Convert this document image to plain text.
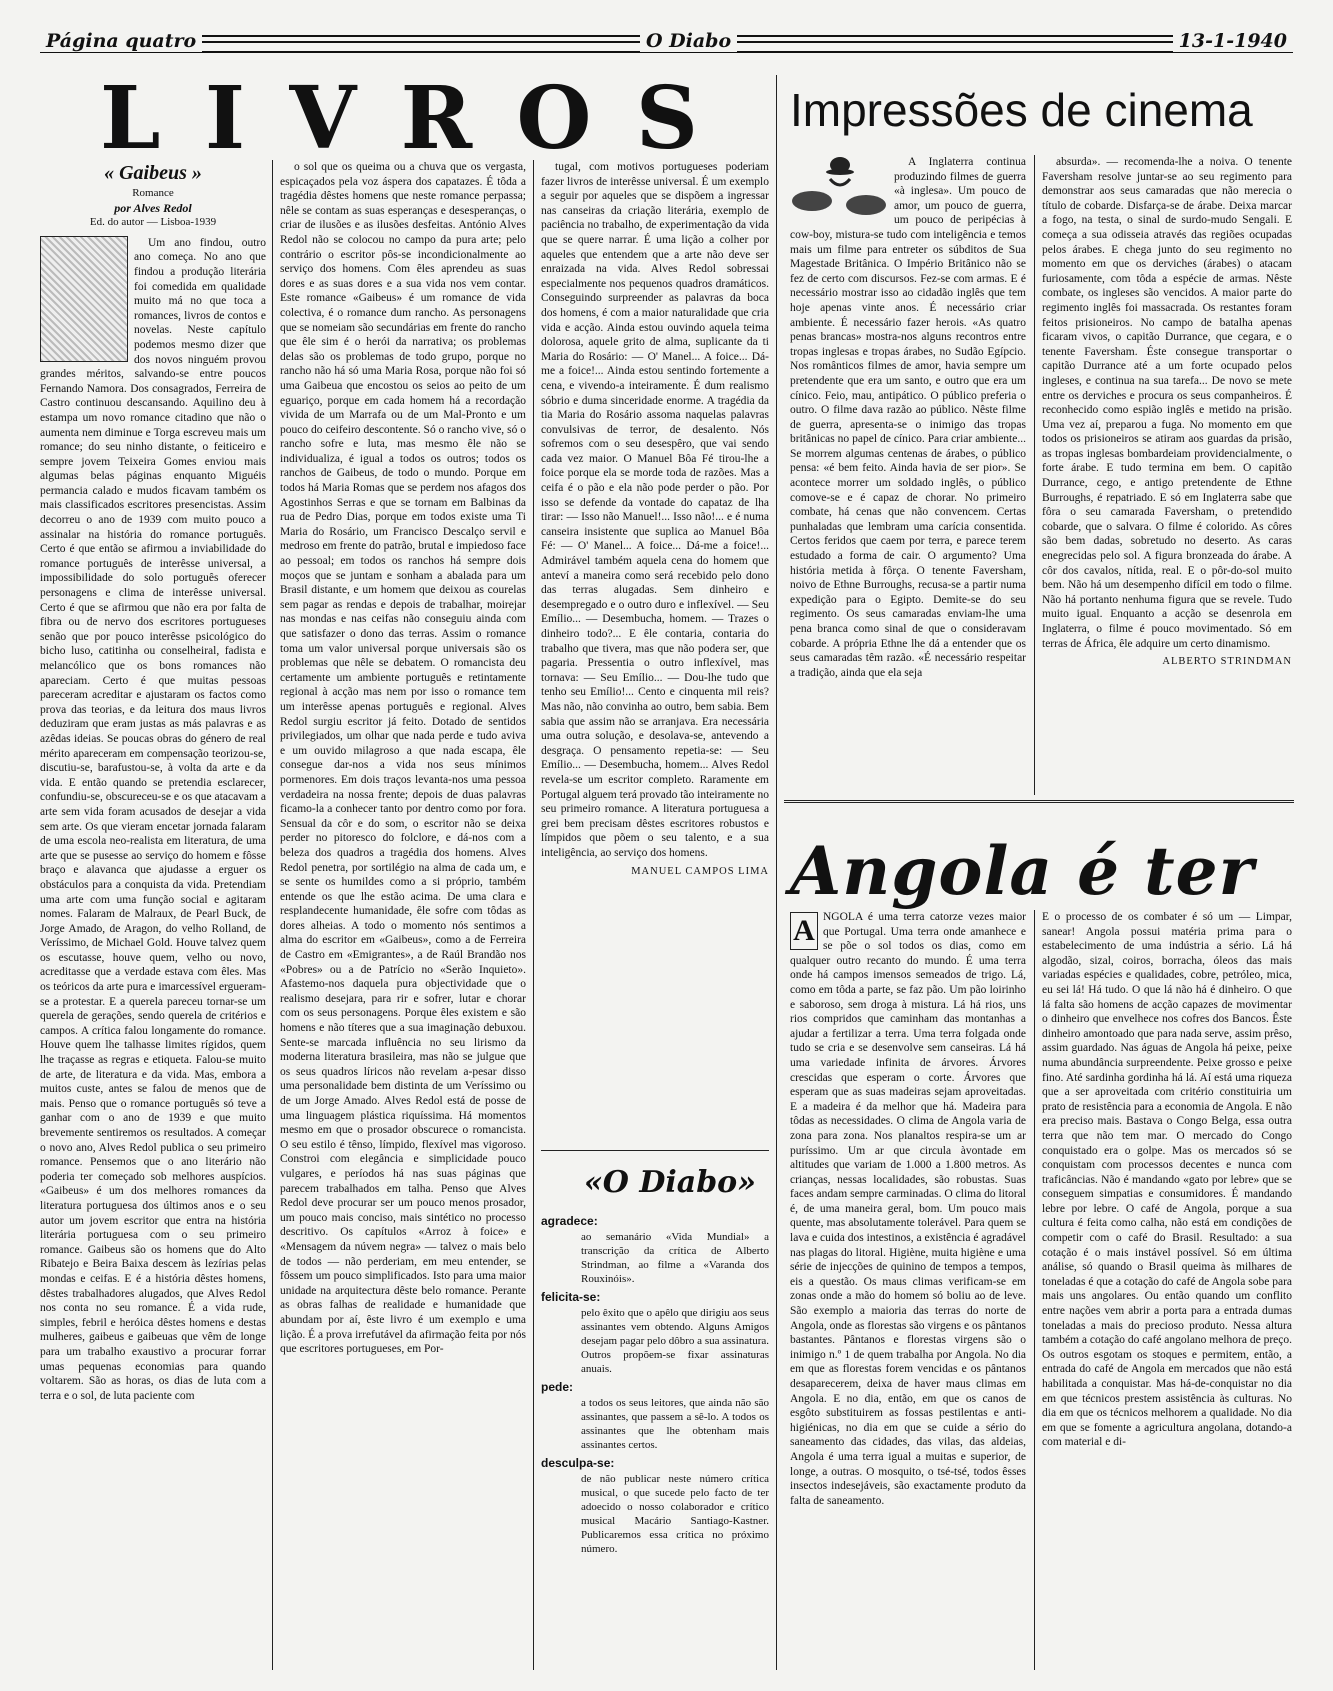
Página quatro	O Diabo	13-1-1940
L I V R O S
« Gaibeus »
Romance
por Alves Redol
Ed. do autor — Lisboa-1939

Um ano findou, outro ano começa. No ano que findou a produção literária foi comedida em qualidade muito má no que toca a romances, livros de contos e novelas. Neste capítulo podemos mesmo dizer que dos novos ninguém provou grandes méritos, salvando-se entre poucos Fernando Namora. Dos consagrados, Ferreira de Castro continuou descansando. Aquilino deu à estampa um novo romance citadino que não o aumenta nem diminue e Torga escreveu mais um romance; do seu ninho distante, o feiticeiro e sempre jovem Teixeira Gomes enviou mais algumas belas páginas enquanto Miguéis permancia calado e mudos ficavam também os mais classificados escritores presencistas. Assim decorreu o ano de 1939 com muito pouco a assinalar na história do romance português. Certo é que então se afirmou a inviabilidade do romance português de interêsse universal, a impossibilidade do solo português oferecer personagens e clima de interêsse universal. Certo é que se afirmou que não era por falta de fibra ou de nervo dos escritores portugueses senão que por pouco interêsse psicológico do bicho luso, catitinha ou conselheiral, fadista e melancólico que os bons romances não apareciam. Certo é que muitas pessoas pareceram acreditar e ajustaram os factos como prova das teorias, e da leitura dos maus livros deduziram que eram justas as más palavras e as azêdas ideias. Se poucas obras do género de real mérito apareceram em compensação teorizou-se, discutiu-se, barafustou-se, à volta da arte e da vida. E então quando se pretendia esclarecer, confundiu-se, obscureceu-se e os que atacavam a arte sem vida foram acusados de desejar a vida sem arte. Os que vieram encetar jornada falaram de uma escola neo-realista em literatura, de uma arte que se pusesse ao serviço do homem e fôsse braço e alavanca que ajudasse a erguer os obstáculos para a conquista da vida. Pretendiam uma arte com uma função social e agitaram nomes. Falaram de Malraux, de Pearl Buck, de Jorge Amado, de Aragon, do velho Rolland, de Veríssimo, de Michael Gold. Houve talvez quem os escutasse, houve quem, velho ou novo, acreditasse que a verdade estava com êles. Mas os teóricos da arte pura e imarcessível ergueram-se a protestar. E a querela pareceu tornar-se um querela de gerações, sendo querela de critérios e campos. A crítica falou longamente do romance. Houve quem lhe talhasse limites rígidos, quem lhe traçasse as regras e etiqueta. Falou-se muito de arte, de literatura e da vida. Mas, embora a muitos custe, antes se falou de menos que de mais. Penso que o romance português só teve a ganhar com o ano de 1939 e que muito brevemente sentiremos os resultados. A começar o novo ano, Alves Redol publica o seu primeiro romance. Pensemos que o ano literário não poderia ter começado sob melhores auspícios. «Gaibeus» é um dos melhores romances da literatura portuguesa dos últimos anos e o seu autor um jovem escritor que entra na história literária portuguesa com o seu primeiro romance. Gaibeus são os homens que do Alto Ribatejo e Beira Baixa descem às lezírias pelas mondas e ceifas. E é a história dêstes homens, dêstes trabalhadores alugados, que Alves Redol nos conta no seu romance. É a vida rude, simples, febril e heróica dêstes homens e destas mulheres, gaibeus e gaibeuas que vêm de longe para um trabalho exaustivo a procurar forrar umas pequenas economias para quando voltarem. São as horas, os dias de luta com a terra e o sol, de luta paciente com

o sol que os queima ou a chuva que os vergasta, espicaçados pela voz áspera dos capatazes. É tôda a tragédia dêstes homens que neste romance perpassa; nêle se contam as suas esperanças e desesperanças, o criar de ilusões e as ilusões desfeitas. António Alves Redol não se colocou no campo da pura arte; pelo contrário o escritor pôs-se incondicionalmente ao serviço dos homens. Com êles aprendeu as suas dores e as suas dores e a sua vida nos vem contar. Este romance «Gaibeus» é um romance de vida colectiva, é o romance dum rancho. As personagens que se nomeiam são secundárias em frente do rancho que êle sim é o herói da narrativa; os problemas delas são os problemas de todo grupo, porque no rancho não há só uma Maria Rosa, porque não foi só uma Gaibeua que encostou os seios ao peito de um eguariço, porque em cada homem há a recordação vivida de um Marrafa ou de um Mal-Pronto e um pouco do ceifeiro descontente. Só o rancho vive, só o rancho sofre e luta, mas mesmo êle não se individualiza, é igual a todos os outros; todos os ranchos de Gaibeus, de todo o mundo. Porque em todos há Maria Romas que se perdem nos afagos dos Agostinhos Serras e que se tornam em Balbinas da rua de Pedro Dias, porque em todos existe uma Ti Maria do Rosário, um Francisco Descalço servil e medroso em frente do patrão, brutal e impiedoso face ao pessoal; em todos os ranchos há sempre dois moços que se juntam e sonham a abalada para um Brasil distante, e um homem que deixou as courelas sem pagar as rendas e depois de trabalhar, moirejar nas mondas e nas ceifas não conseguiu ainda com que satisfazer o dono das terras. Assim o romance toma um valor universal porque universais são os problemas que nêle se debatem. O romancista deu certamente um ambiente português e retintamente regional à acção mas nem por isso o romance tem um interêsse apenas português e regional. Alves Redol surgiu escritor já feito. Dotado de sentidos privilegiados, um olhar que nada perde e tudo aviva e um ouvido milagroso a que nada escapa, êle consegue dar-nos a vida nos seus mínimos pormenores. Em dois traços levanta-nos uma pessoa verdadeira na nossa frente; depois de duas palavras ficamo-la a conhecer tanto por dentro como por fora. Sensual da côr e do som, o escritor não se deixa perder no pitoresco do folclore, e dá-nos com a beleza dos quadros a tragédia dos homens. Alves Redol penetra, por sortilégio na alma de cada um, e se sente os humildes como a si próprio, também entende os que lhe estão acima. De uma clara e resplandecente humanidade, êle sofre com tôdas as dores alheias. A todo o momento nós sentimos a alma do escritor em «Gaibeus», como a de Ferreira de Castro em «Emigrantes», a de Raúl Brandão nos «Pobres» ou a de Patrício no «Serão Inquieto». Afastemo-nos daquela pura objectividade que o realismo desejara, para rir e sofrer, lutar e chorar com os seus personagens. Porque êles existem e são homens e não títeres que a sua imaginação debuxou. Sente-se marcada influência no seu lirismo da moderna literatura brasileira, mas não se julgue que os seus quadros líricos não revelam a-pesar disso uma personalidade bem distinta de um Veríssimo ou de um Jorge Amado. Alves Redol está de posse de uma linguagem plástica riquíssima. Há momentos mesmo em que o prosador obscurece o romancista. O seu estilo é tênso, límpido, flexível mas vigoroso. Constroi com elegância e simplicidade pouco vulgares, e períodos há nas suas páginas que parecem trabalhados em talha. Penso que Alves Redol deve procurar ser um pouco menos prosador, um pouco mais conciso, mais sintético no processo descritivo. Os capítulos «Arroz à foice» e «Mensagem da núvem negra» — talvez o mais belo de todos — não perderiam, em meu entender, se fôssem um pouco simplificados. Isto para uma maior unidade na arquitectura dêste belo romance. Perante as obras falhas de realidade e humanidade que abundam por aí, êste livro é um exemplo e uma lição. É a prova irrefutável da afirmação feita por nós que escritores portugueses, em Por-

tugal, com motivos portugueses poderiam fazer livros de interêsse universal. É um exemplo a seguir por aqueles que se dispõem a ingressar nas canseiras da criação literária, exemplo de paciência no trabalho, de experimentação da vida que se quere narrar. É uma lição a colher por aqueles que entendem que a arte não deve ser enraizada na vida. Alves Redol sobressai especialmente nos pequenos quadros dramáticos. Conseguindo surpreender as palavras da boca dos homens, é com a maior naturalidade que cria vida e acção. Ainda estou ouvindo aquela teima dolorosa, aquele grito de alma, suplicante da ti Maria do Rosário: — O' Manel... A foice... Dá-me a foice!... Ainda estou sentindo fortemente a cena, e vivendo-a inteiramente. É dum realismo sóbrio e duma sinceridade enorme. A tragédia da tia Maria do Rosário assoma naquelas palavras convulsivas de terror, de desalento. Nós sofremos com o seu desespêro, que vai sendo cada vez maior. O Manuel Bôa Fé tirou-lhe a foice porque ela se morde toda de razões. Mas a ceifa é o pão e ela não pode perder o pão. Por isso se defende da vontade do capataz de lha tirar: — Isso não Manuel!... Isso não!... e é numa canseira insistente que suplica ao Manuel Bôa Fé: — O' Manel... A foice... Dá-me a foice!... Admirável também aquela cena do homem que anteví a maneira como será recebido pelo dono das terras alugadas. Sem dinheiro e desempregado e o outro duro e inflexível. — Seu Emílio... — Desembucha, homem. — Trazes o dinheiro todo?... E êle contaria, contaria do trabalho que tivera, mas que não podera ser, que pagaria. Pressentia o outro inflexível, mas tornava: — Seu Emílio... — Dou-lhe tudo que tenho seu Emílio!... Cento e cinquenta mil reis? Mas não, não convinha ao outro, bem sabia. Bem sabia que assim não se arranjava. Era necessária uma outra solução, e desolava-se, antevendo a desgraça. O pensamento repetia-se: — Seu Emílio... — Desembucha, homem... Alves Redol revela-se um escritor completo. Raramente em Portugal alguem terá provado tão inteiramente no seu primeiro romance. A literatura portuguesa a grei bem precisam dêstes escritores robustos e límpidos que põem o seu talento, e a sua inteligência, ao serviço dos homens.

MANUEL CAMPOS LIMA
«O Diabo»
agradece:
ao semanário «Vida Mundial» a transcrição da crítica de Alberto Strindman, ao filme a «Varanda dos Rouxinóis».
felicita-se:
pelo êxito que o apêlo que dirigiu aos seus assinantes vem obtendo. Alguns Amigos desejam pagar pelo dôbro a sua assinatura. Outros propõem-se fixar assinaturas anuais.
pede:
a todos os seus leitores, que ainda não são assinantes, que passem a sê-lo. A todos os assinantes que lhe obtenham mais assinantes certos.
desculpa-se:
de não publicar neste número crítica musical, o que sucede pelo facto de ter adoecido o nosso colaborador e crítico musical Macário Santiago-Kastner. Publicaremos essa crítica no próximo número.
Impressões de cinema

A Inglaterra continua produzindo filmes de guerra «à inglesa». Um pouco de amor, um pouco de guerra, um pouco de peripécias à cow-boy, mistura-se tudo com inteligência e temos mais um filme para entreter os súbditos de Sua Magestade Britânica. O Império Britânico não se fez de certo com discursos. Fez-se com armas. E é necessário mostrar isso ao cidadão inglês que tem hoje apenas vinte anos. É necessário criar ambiente. É necessário fazer herois. «As quatro penas brancas» mostra-nos alguns recontros entre tropas inglesas e tropas árabes, no Sudão Egípcio. Nos românticos filmes de amor, havia sempre um pretendente que era um santo, e outro que era um cínico. Feio, mau, antipático. O público preferia o outro. O filme dava razão ao público. Nêste filme de guerra, apresenta-se o inimigo das tropas britânicas no papel de cínico. Para criar ambiente... Se morrem algumas centenas de árabes, o público pensa: «é bem feito. Ainda havia de ser pior». Se acontece morrer um soldado inglês, o público comove-se e é capaz de chorar. No primeiro combate, há cenas que não convencem. Certas punhaladas que lembram uma carícia consentida. Certos feridos que caem por terra, e parece terem estudado a forma de cair. O argumento? Uma história metida à fôrça. O tenente Faversham, noivo de Ethne Burroughs, recusa-se a partir numa expedição para o Egipto. Demite-se do seu regimento. Os seus camaradas enviam-lhe uma pena branca como sinal de que o consideravam cobarde. A própria Ethne lhe dá a entender que os seus camaradas têm razão. «É necessário respeitar a tradição, ainda que ela seja

absurda». — recomenda-lhe a noiva. O tenente Faversham resolve juntar-se ao seu regimento para demonstrar aos seus camaradas que não merecia o título de cobarde. Disfarça-se de árabe. Deixa marcar a fogo, na testa, o sinal de surdo-mudo Sengali. E começa a sua odisseia através das regiões ocupadas pelos árabes. E chega junto do seu regimento no momento em que os derviches (árabes) o atacam furiosamente, com tôda a espécie de armas. Nêste combate, os ingleses são vencidos. A maior parte do regimento inglês foi massacrada. Os restantes foram feitos prisioneiros. No campo de batalha apenas ficaram vivos, o capitão Durrance, que cegara, e o tenente Faversham. Éste consegue transportar o capitão Durrance até a um forte ocupado pelos ingleses, e continua na sua tarefa... De novo se mete entre os derviches e procura os seus companheiros. É reconhecido como espião inglês e metido na prisão. Uma vez aí, preparou a fuga. No momento em que todos os prisioneiros se atiram aos guardas da prisão, as tropas inglesas bombardeiam providencialmente, o forte árabe. E tudo termina em bem. O capitão Durrance, cego, e antigo pretendente de Ethne Burroughs, é repatriado. E só em Inglaterra sabe que fôra o seu camarada Faversham, o pretendido cobarde, que o salvara. O filme é colorido. As côres são bem dadas, sobretudo no deserto. As caras enegrecidas pelo sol. A figura bronzeada do árabe. A côr dos cavalos, nítida, real. E o pôr-do-sol muito bem. Não há um desempenho difícil em todo o filme. Não há portanto nenhuma figura que se revele. Tudo muito igual. Enquanto a acção se desenrola em Inglaterra, o filme é pouco movimentado. Só em terras de África, êle adquire um certo dinamismo.

ALBERTO STRINDMAN
Angola é ter
A NGOLA é uma terra catorze vezes maior que Portugal. Uma terra onde amanhece e se põe o sol todos os dias, como em qualquer outro recanto do mundo. É uma terra onde há campos imensos semeados de trigo. Lá, como em tôda a parte, se faz pão. Um pão loirinho e saboroso, sem droga à mistura. Lá há rios, uns rios compridos que caminham das montanhas a ajudar a fertilizar a terra. Uma terra folgada onde tudo se cria e se desenvolve sem canseiras. Lá há uma variedade infinita de árvores. Árvores crescidas que esperam o corte. Árvores que esperam que as suas madeiras sejam aproveitadas. E a madeira é da melhor que há. Madeira para tôdas as necessidades. O clima de Angola varia de zona para zona. Nos planaltos respira-se um ar puríssimo. Um ar que circula àvontade em altitudes que variam de 1.000 a 1.800 metros. As crianças, nessas localidades, são robustas. Suas faces andam sempre carminadas. O clima do litoral é, de uma maneira geral, bom. Um pouco mais quente, mas absolutamente tolerável. Para quem se lava e cuida dos intestinos, a existência é agradável nas plagas do litoral. Higiène, muita higiène e uma série de injecções de quinino de tempos a tempos, eis a questão. Os maus climas verificam-se em zonas onde a mão do homem só boliu ao de leve. São exemplo a maioria das terras do norte de Angola, onde as florestas são virgens e os pântanos bastantes. Pântanos e florestas virgens são o inimigo n.º 1 de quem trabalha por Angola. No dia em que as florestas forem vencidas e os pântanos desaparecerem, deixa de haver maus climas em Angola. E no dia, então, em que os canos de esgôto substituirem as fossas pestilentas e anti-higiénicas, no dia em que se cuide a sério do saneamento das cidades, das vilas, das aldeias, Angola é uma terra igual a muitas e superior, de longe, a outras. O mosquito, o tsé-tsé, todos êsses insectos indesejáveis, são exactamente produto da falta de saneamento.

E o processo de os combater é só um — Limpar, sanear! Angola possui matéria prima para o estabelecimento de uma indústria a sério. Lá há algodão, sizal, coiros, borracha, óleos das mais variadas espécies e qualidades, cobre, petróleo, mica, eu sei lá! Há tudo. O que lá não há é dinheiro. O que lá falta são homens de acção capazes de movimentar o dinheiro que envelhece nos cofres dos Bancos. Êste dinheiro amontoado que para nada serve, assim prêso, assim guardado. Nas águas de Angola há peixe, peixe numa abundância surpreendente. Peixe grosso e peixe fino. Até sardinha gordinha há lá. Aí está uma riqueza que a ser aproveitada com critério constituiria um prato de resistência para a economia de Angola. E não era preciso mais. Bastava o Congo Belga, essa outra terra que não tem mar. O mercado do Congo conquistado era o golpe. Mas os mercados só se conquistam com processos decentes e nunca com traficâncias. Não é mandando «gato por lebre» que se conseguem simpatias e consumidores. É mandando lebre por lebre. O café de Angola, porque a sua cultura é feita como calha, não está em condições de competir com o café do Brasil. Resultado: a sua cotação é o mais instável possível. Só em última análise, só quando o Brasil queima às milhares de toneladas é que a cotação do café de Angola sobe para mais uns angolares. Ou então quando um conflito entre nações vem abrir a porta para a entrada dumas toneladas a mais do precioso produto. Nessa altura também a cotação do café angolano melhora de preço. Os outros esgotam os stoques e permitem, então, a entrada do café de Angola em mercados que não está habilitada a conquistar. Mas há-de-conquistar no dia em que técnicos prestem assistência às culturas. No dia em que os técnicos melhorem a qualidade. No dia em que se fomente a agricultura angolana, dotando-a com material e di-
